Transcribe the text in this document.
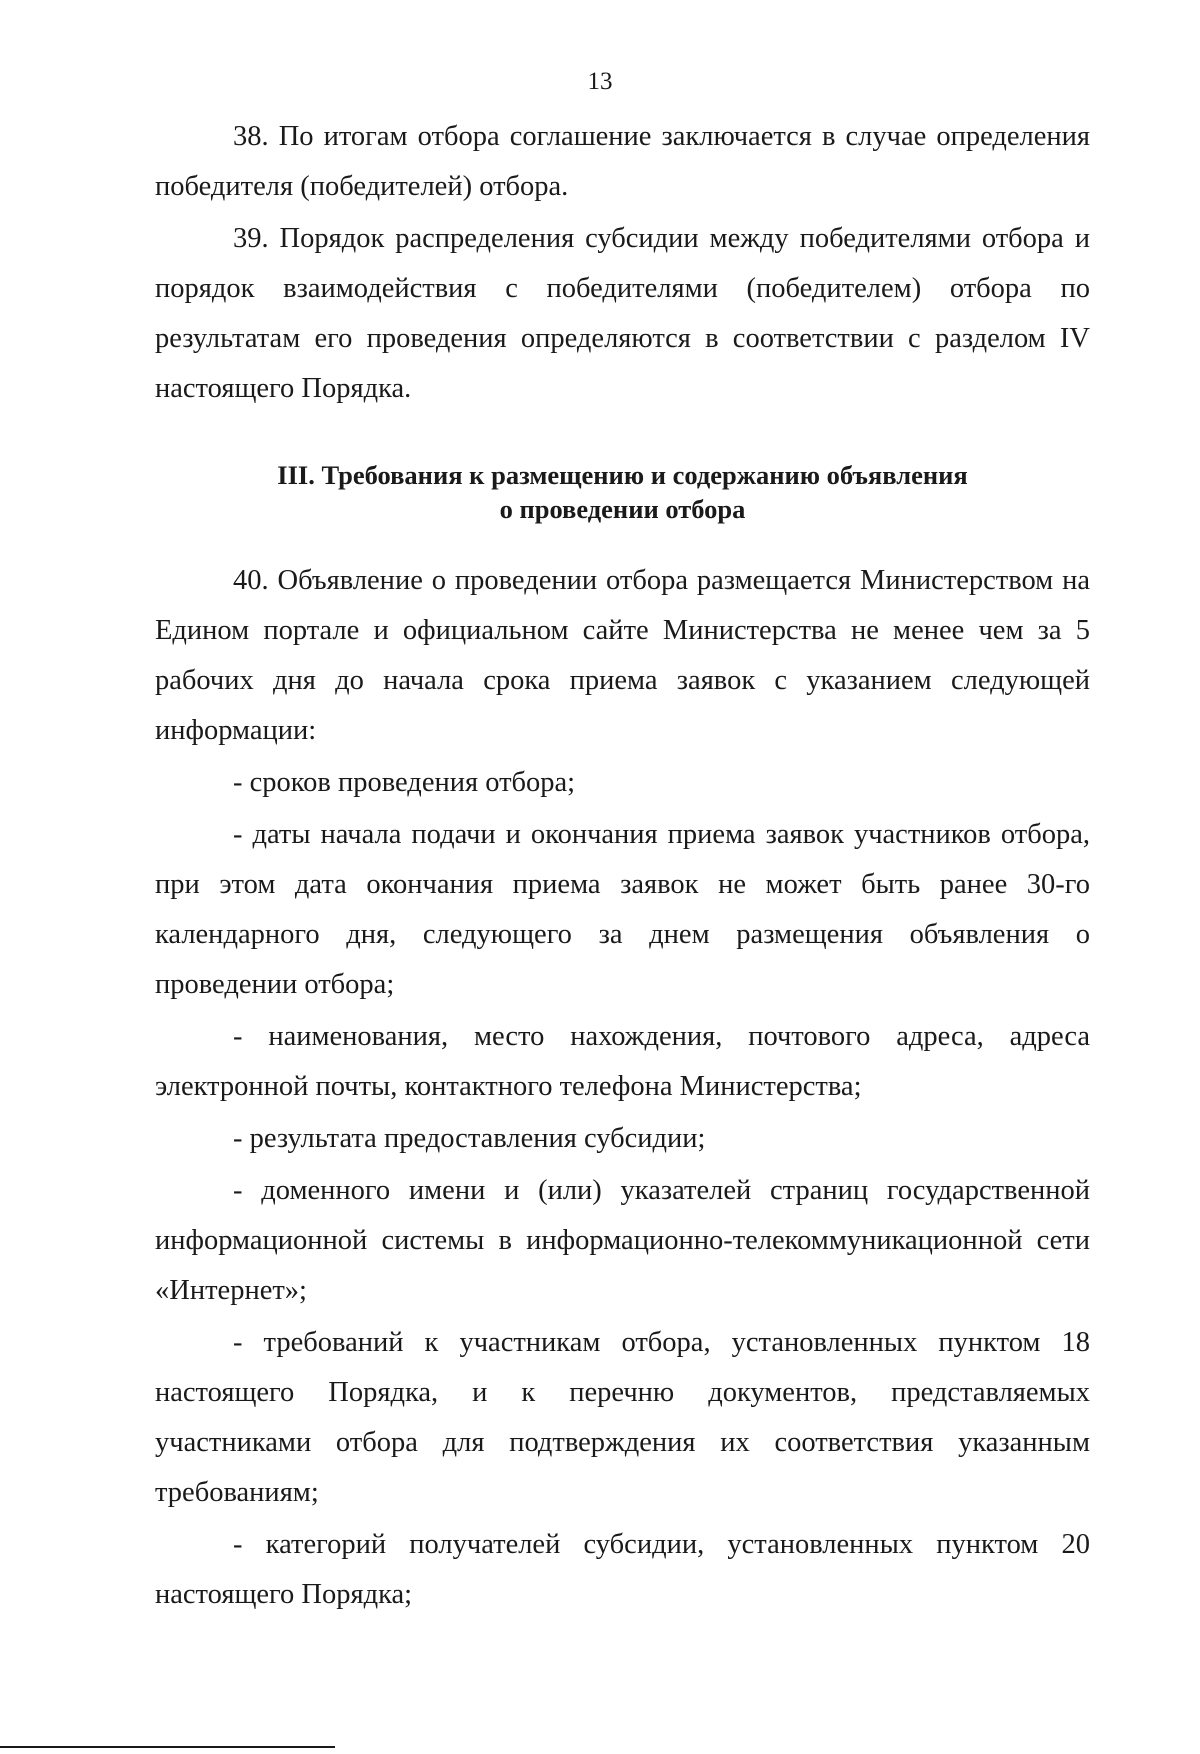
13

38. По итогам отбора соглашение заключается в случае определения победителя (победителей) отбора.

39. Порядок распределения субсидии между победителями отбора и порядок взаимодействия с победителями (победителем) отбора по результатам его проведения определяются в соответствии с разделом IV настоящего Порядка.

III. Требования к размещению и содержанию объявления
о проведении отбора

40. Объявление о проведении отбора размещается Министерством на Едином портале и официальном сайте Министерства не менее чем за 5 рабочих дня до начала срока приема заявок с указанием следующей информации:

- сроков проведения отбора;

- даты начала подачи и окончания приема заявок участников отбора, при этом дата окончания приема заявок не может быть ранее 30-го календарного дня, следующего за днем размещения объявления о проведении отбора;

- наименования, место нахождения, почтового адреса, адреса электронной почты, контактного телефона Министерства;

- результата предоставления субсидии;

- доменного имени и (или) указателей страниц государственной информационной системы в информационно-телекоммуникационной сети «Интернет»;

- требований к участникам отбора, установленных пунктом 18 настоящего Порядка, и к перечню документов, представляемых участниками отбора для подтверждения их соответствия указанным требованиям;

- категорий получателей субсидии, установленных пунктом 20 настоящего Порядка;
